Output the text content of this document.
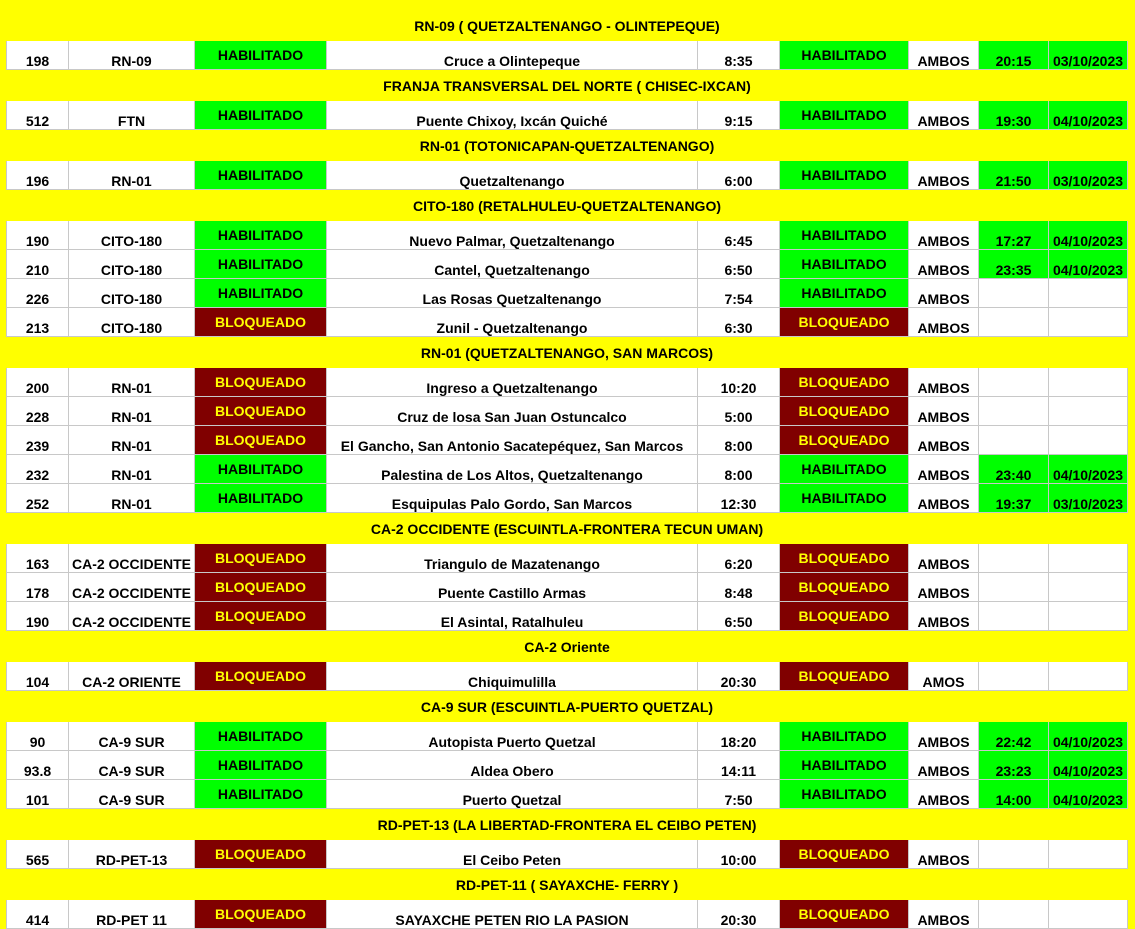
RN-09 ( QUETZALTENANGO - OLINTEPEQUE)								
198	RN-09	HABILITADO	Cruce a Olintepeque	8:35	HABILITADO	AMBOS	20:15	03/10/2023
FRANJA TRANSVERSAL DEL NORTE ( CHISEC-IXCAN)								
512	FTN	HABILITADO	Puente Chixoy, Ixcán Quiché	9:15	HABILITADO	AMBOS	19:30	04/10/2023
RN-01 (TOTONICAPAN-QUETZALTENANGO)								
196	RN-01	HABILITADO	Quetzaltenango	6:00	HABILITADO	AMBOS	21:50	03/10/2023
CITO-180 (RETALHULEU-QUETZALTENANGO)								
190	CITO-180	HABILITADO	Nuevo Palmar, Quetzaltenango	6:45	HABILITADO	AMBOS	17:27	04/10/2023
210	CITO-180	HABILITADO	Cantel, Quetzaltenango	6:50	HABILITADO	AMBOS	23:35	04/10/2023
226	CITO-180	HABILITADO	Las Rosas Quetzaltenango	7:54	HABILITADO	AMBOS		
213	CITO-180	BLOQUEADO	Zunil - Quetzaltenango	6:30	BLOQUEADO	AMBOS		
RN-01 (QUETZALTENANGO, SAN MARCOS)								
200	RN-01	BLOQUEADO	Ingreso a Quetzaltenango	10:20	BLOQUEADO	AMBOS		
228	RN-01	BLOQUEADO	Cruz de losa San Juan Ostuncalco	5:00	BLOQUEADO	AMBOS		
239	RN-01	BLOQUEADO	El Gancho, San Antonio Sacatepéquez, San Marcos	8:00	BLOQUEADO	AMBOS		
232	RN-01	HABILITADO	Palestina de Los Altos, Quetzaltenango	8:00	HABILITADO	AMBOS	23:40	04/10/2023
252	RN-01	HABILITADO	Esquipulas Palo Gordo, San Marcos	12:30	HABILITADO	AMBOS	19:37	03/10/2023
CA-2 OCCIDENTE (ESCUINTLA-FRONTERA TECUN UMAN)								
163	CA-2 OCCIDENTE	BLOQUEADO	Triangulo de Mazatenango	6:20	BLOQUEADO	AMBOS		
178	CA-2 OCCIDENTE	BLOQUEADO	Puente Castillo Armas	8:48	BLOQUEADO	AMBOS		
190	CA-2 OCCIDENTE	BLOQUEADO	El Asintal, Ratalhuleu	6:50	BLOQUEADO	AMBOS		
CA-2 Oriente								
104	CA-2 ORIENTE	BLOQUEADO	Chiquimulilla	20:30	BLOQUEADO	AMOS		
CA-9 SUR (ESCUINTLA-PUERTO QUETZAL)								
90	CA-9 SUR	HABILITADO	Autopista Puerto Quetzal	18:20	HABILITADO	AMBOS	22:42	04/10/2023
93.8	CA-9 SUR	HABILITADO	Aldea Obero	14:11	HABILITADO	AMBOS	23:23	04/10/2023
101	CA-9 SUR	HABILITADO	Puerto Quetzal	7:50	HABILITADO	AMBOS	14:00	04/10/2023
RD-PET-13 (LA LIBERTAD-FRONTERA EL CEIBO PETEN)								
565	RD-PET-13	BLOQUEADO	El Ceibo Peten	10:00	BLOQUEADO	AMBOS		
RD-PET-11 ( SAYAXCHE- FERRY )								
414	RD-PET 11	BLOQUEADO	SAYAXCHE PETEN RIO LA PASION	20:30	BLOQUEADO	AMBOS		
